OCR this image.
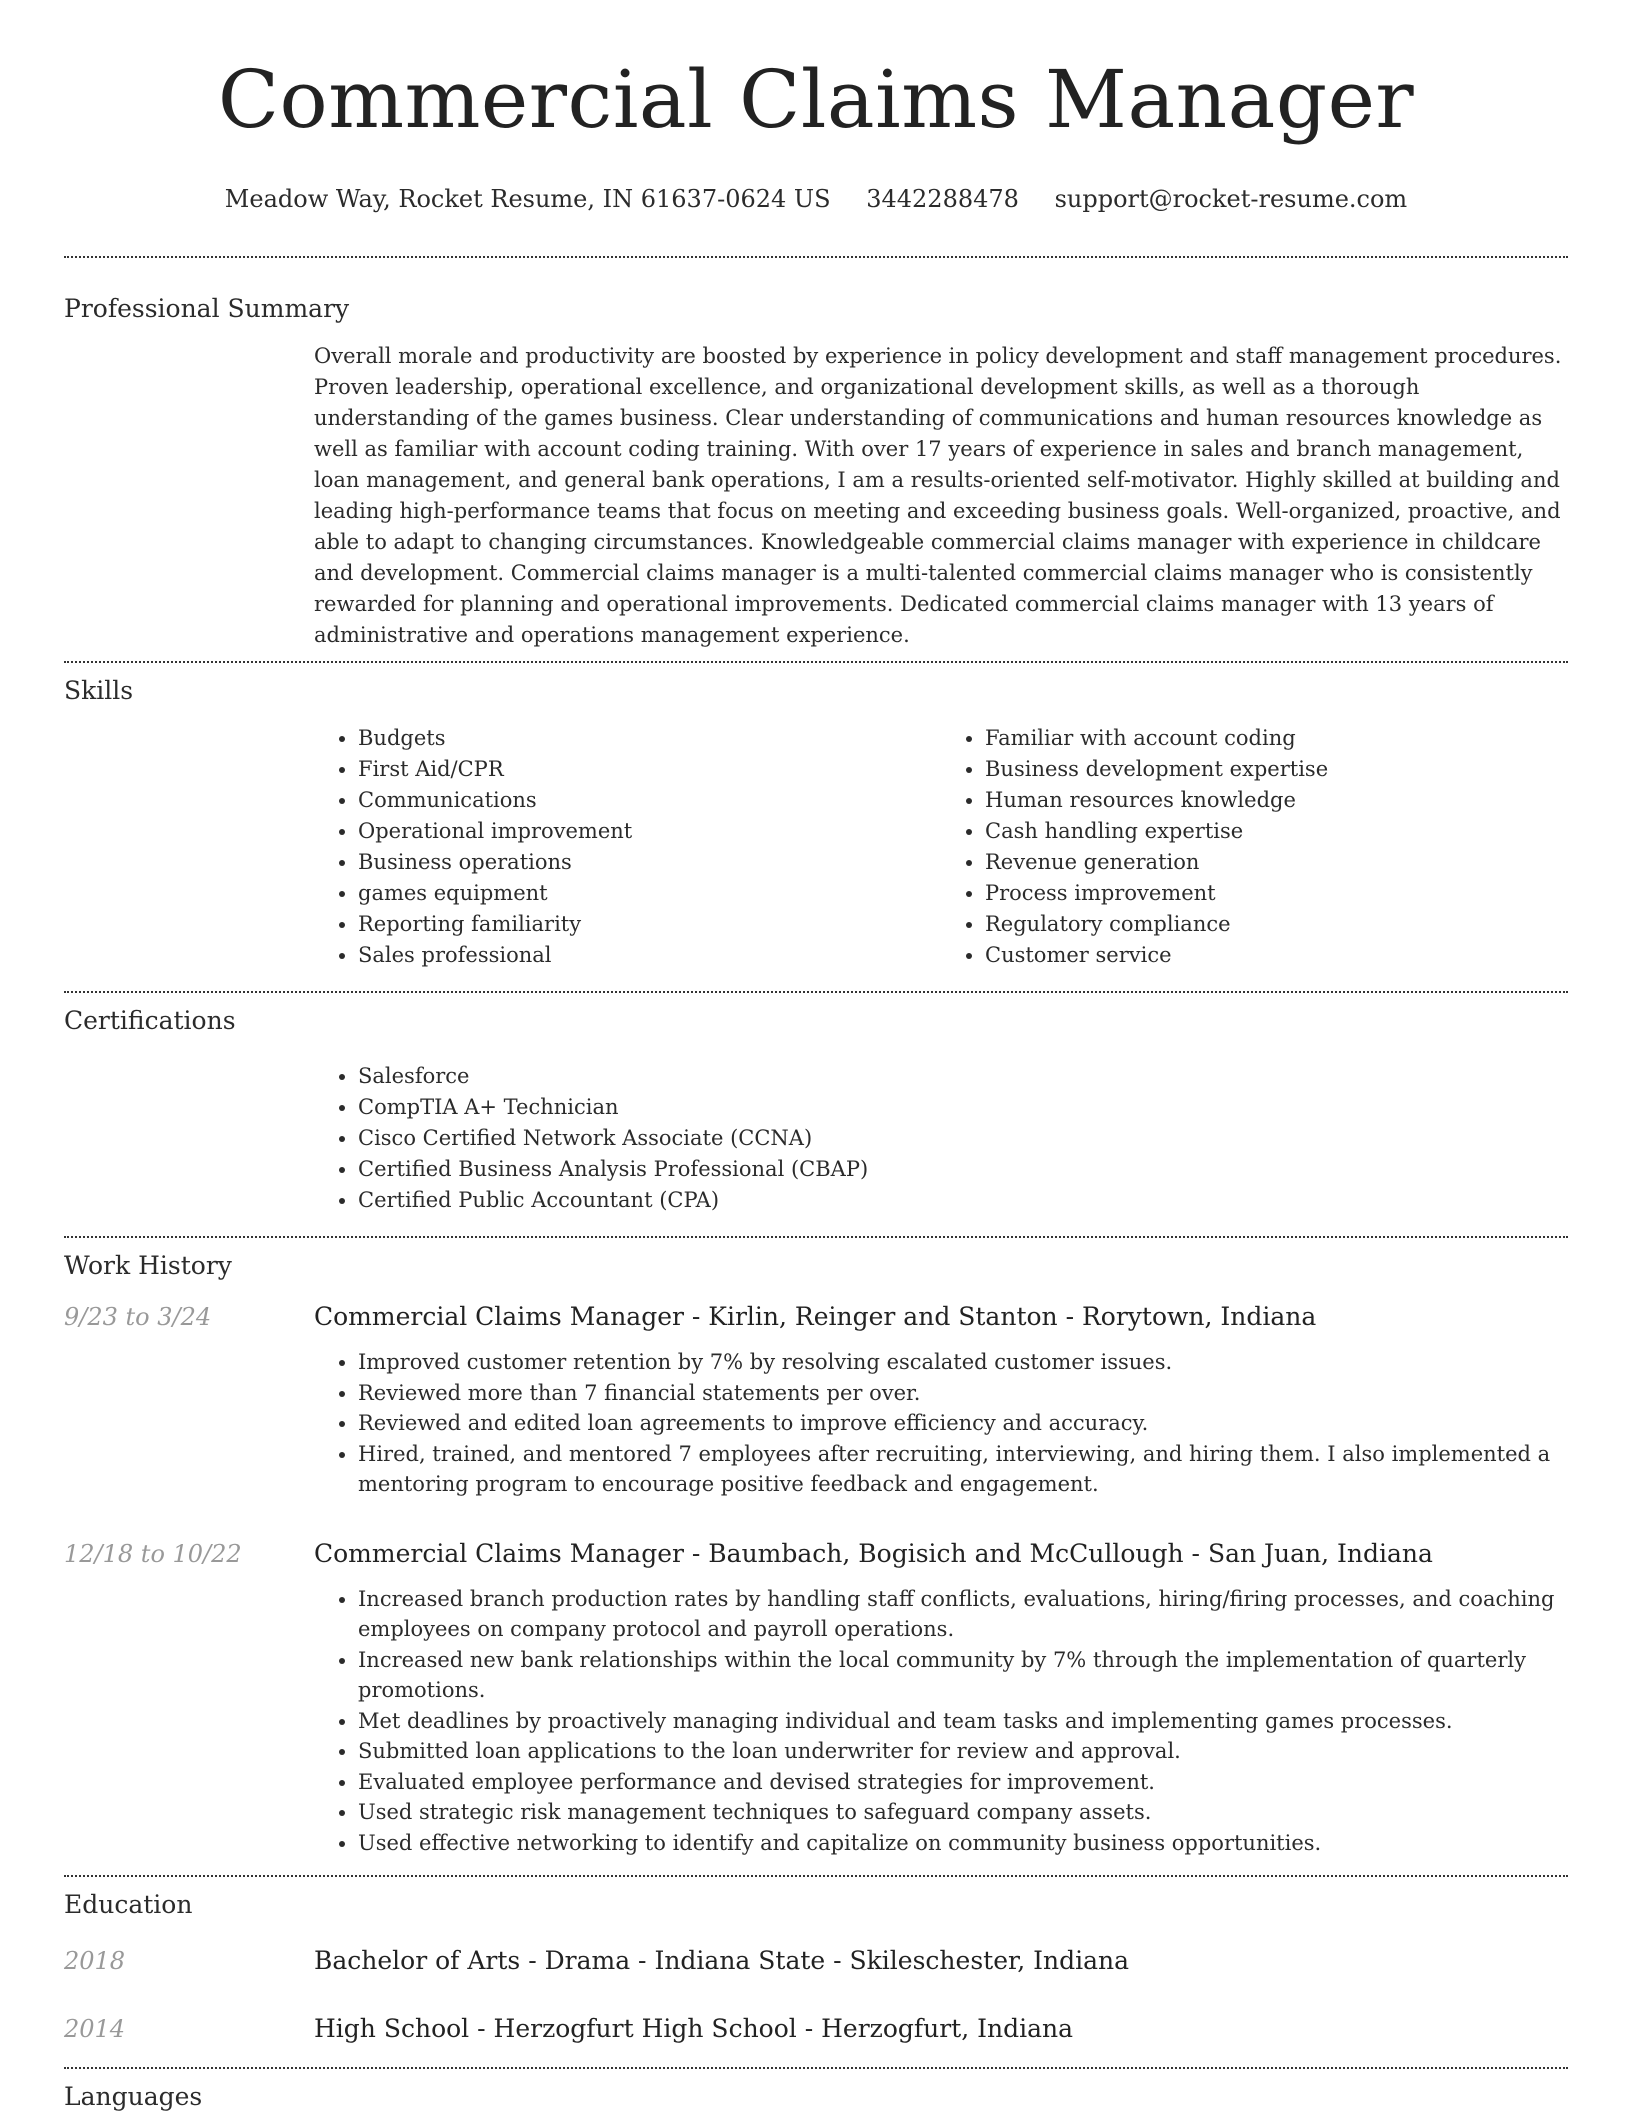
Commercial Claims Manager
Meadow Way, Rocket Resume, IN 61637-0624 US 3442288478 support@rocket-resume.com
Professional Summary

Overall morale and productivity are boosted by experience in policy development and staff management procedures. Proven leadership, operational excellence, and organizational development skills, as well as a thorough understanding of the games business. Clear understanding of communications and human resources knowledge as well as familiar with account coding training. With over 17 years of experience in sales and branch management, loan management, and general bank operations, I am a results-oriented self-motivator. Highly skilled at building and leading high-performance teams that focus on meeting and exceeding business goals. Well-organized, proactive, and able to adapt to changing circumstances. Knowledgeable commercial claims manager with experience in childcare and development. Commercial claims manager is a multi-talented commercial claims manager who is consistently rewarded for planning and operational improvements. Dedicated commercial claims manager with 13 years of administrative and operations management experience.

Skills
• Budgets
• First Aid/CPR
• Communications
• Operational improvement
• Business operations
• games equipment
• Reporting familiarity
• Sales professional
• Familiar with account coding
• Business development expertise
• Human resources knowledge
• Cash handling expertise
• Revenue generation
• Process improvement
• Regulatory compliance
• Customer service
Certifications
• Salesforce
• CompTIA A+ Technician
• Cisco Certified Network Associate (CCNA)
• Certified Business Analysis Professional (CBAP)
• Certified Public Accountant (CPA)
Work History
9/23 to 3/24	Commercial Claims Manager - Kirlin, Reinger and Stanton - Rorytown, Indiana
• Improved customer retention by 7% by resolving escalated customer issues.
• Reviewed more than 7 financial statements per over.
• Reviewed and edited loan agreements to improve efficiency and accuracy.
• Hired, trained, and mentored 7 employees after recruiting, interviewing, and hiring them. I also implemented a mentoring program to encourage positive feedback and engagement.
12/18 to 10/22	Commercial Claims Manager - Baumbach, Bogisich and McCullough - San Juan, Indiana
• Increased branch production rates by handling staff conflicts, evaluations, hiring/firing processes, and coaching employees on company protocol and payroll operations.
• Increased new bank relationships within the local community by 7% through the implementation of quarterly promotions.
• Met deadlines by proactively managing individual and team tasks and implementing games processes.
• Submitted loan applications to the loan underwriter for review and approval.
• Evaluated employee performance and devised strategies for improvement.
• Used strategic risk management techniques to safeguard company assets.
• Used effective networking to identify and capitalize on community business opportunities.
Education
2018	Bachelor of Arts - Drama - Indiana State - Skileschester, Indiana
2014	High School - Herzogfurt High School - Herzogfurt, Indiana
Languages
